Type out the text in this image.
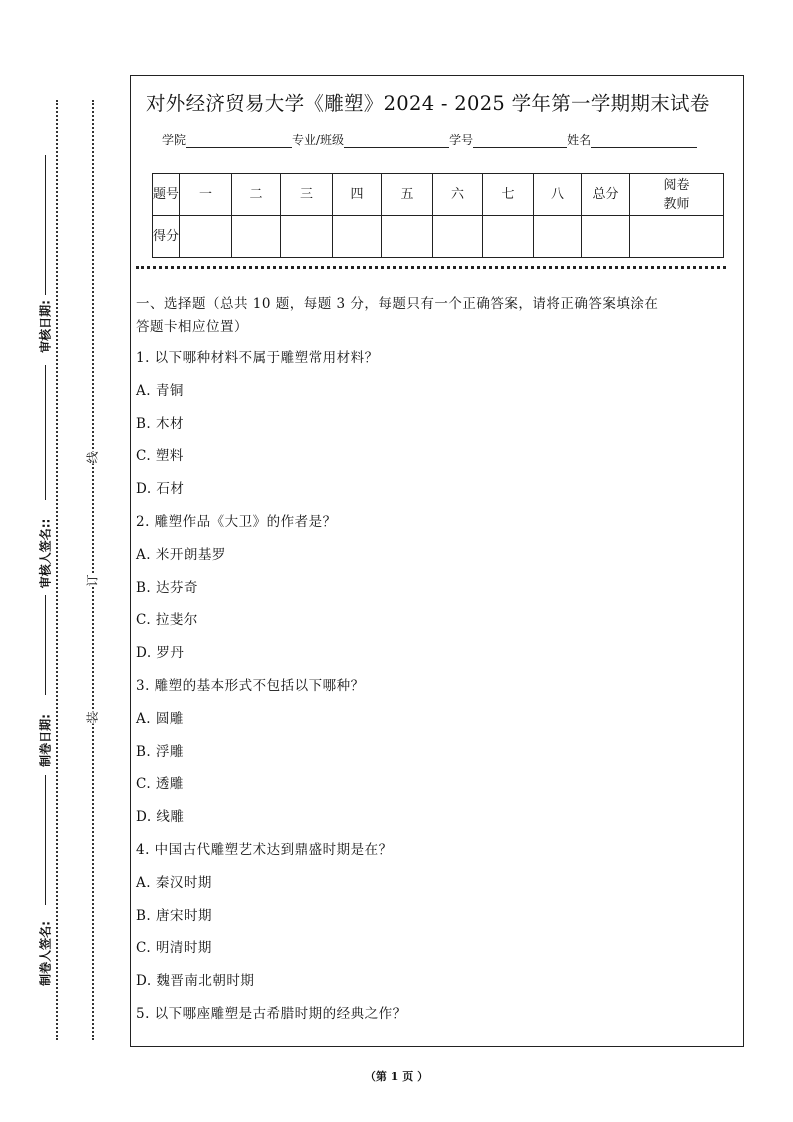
审核日期:
审核人签名::
制卷日期:
制卷人签名:
线
订
装
对外经济贸易大学《雕塑》2024 - 2025 学年第一学期期末试卷
学院	专业/班级	学号	姓名
题号	一	二	三	四	五	六	七	八	总分	阅卷教师
得分										
一、选择题（总共 10 题，每题 3 分，每题只有一个正确答案，请将正确答案填涂在
答题卡相应位置）
1. 以下哪种材料不属于雕塑常用材料？
A. 青铜
B. 木材
C. 塑料
D. 石材
2. 雕塑作品《大卫》的作者是？
A. 米开朗基罗
B. 达芬奇
C. 拉斐尔
D. 罗丹
3. 雕塑的基本形式不包括以下哪种？
A. 圆雕
B. 浮雕
C. 透雕
D. 线雕
4. 中国古代雕塑艺术达到鼎盛时期是在？
A. 秦汉时期
B. 唐宋时期
C. 明清时期
D. 魏晋南北朝时期
5. 以下哪座雕塑是古希腊时期的经典之作？
（第 1 页 ）
